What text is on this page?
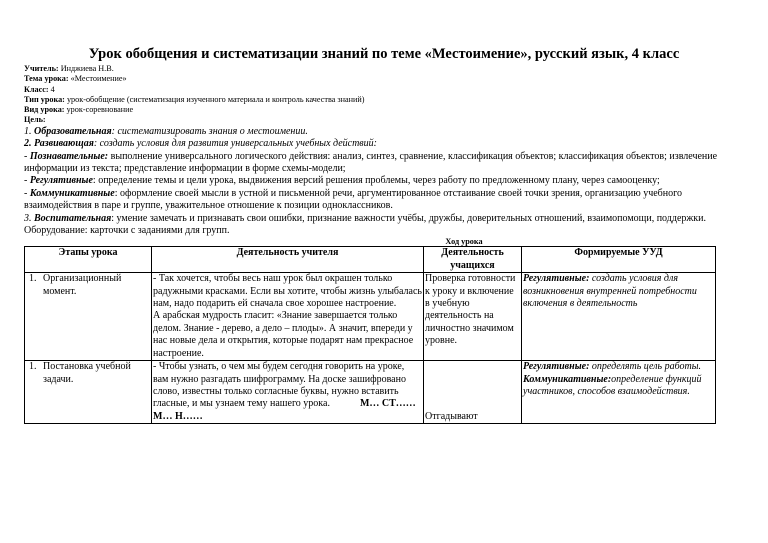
Урок обобщения и систематизации знаний по теме «Местоимение», русский язык, 4 класс
Учитель: Инджиева Н.В.
Тема урока: «Местоимение»
Класс: 4
Тип урока: урок-обобщение (систематизация изученного материала и контроль качества знаний)
Вид урока: урок-соревнование
Цель:
1. Образовательная: систематизировать знания о местоимении.
2. Развивающая: создать условия для развития универсальных учебных действий:
- Познавательные: выполнение универсального логического действия: анализ, синтез, сравнение, классификация объектов; классификация объектов; извлечение информации из текста; представление информации в форме схемы-модели;
- Регулятивные: определение темы и цели урока, выдвижения версий решения проблемы, через работу по предложенному плану, через самооценку;
- Коммуникативные: оформление своей мысли в устной и письменной речи, аргументированное отстаивание своей точки зрения, организацию учебного взаимодействия в паре и группе, уважительное отношение к позиции одноклассников.
3. Воспитательная: умение замечать и признавать свои ошибки, признание важности учёбы, дружбы, доверительных отношений, взаимопомощи, поддержки.
Оборудование: карточки с заданиями для групп.
Ход урока
Этапы урока	Деятельность учителя	Деятельность учащихся	Формируемые УУД
1. Организационный момент.	- Так хочется, чтобы весь наш урок был окрашен только радужными красками. Если вы хотите, чтобы жизнь улыбалась нам, надо подарить ей сначала свое хорошее настроение.
А арабская мудрость гласит: «Знание завершается только делом. Знание - дерево, а дело – плоды». А значит, впереди у нас новые дела и открытия, которые подарят нам прекрасное настроение.	Проверка готовности к уроку и включение в учебную деятельность на личностно значимом уровне.	Регулятивные: создать условия для возникновения внутренней потребности включения в деятельность
1. Постановка учебной задачи.	- Чтобы узнать, о чем мы будем сегодня говорить на уроке, вам нужно разгадать шифрограмму. На доске зашифровано слово, известны только согласные буквы, нужно вставить гласные, и мы узнаем тему нашего урока. М… СТ…… М… Н……	Отгадывают	Регулятивные: определять цель работы.
Коммуникативные:определение функций участников, способов взаимодействия.
